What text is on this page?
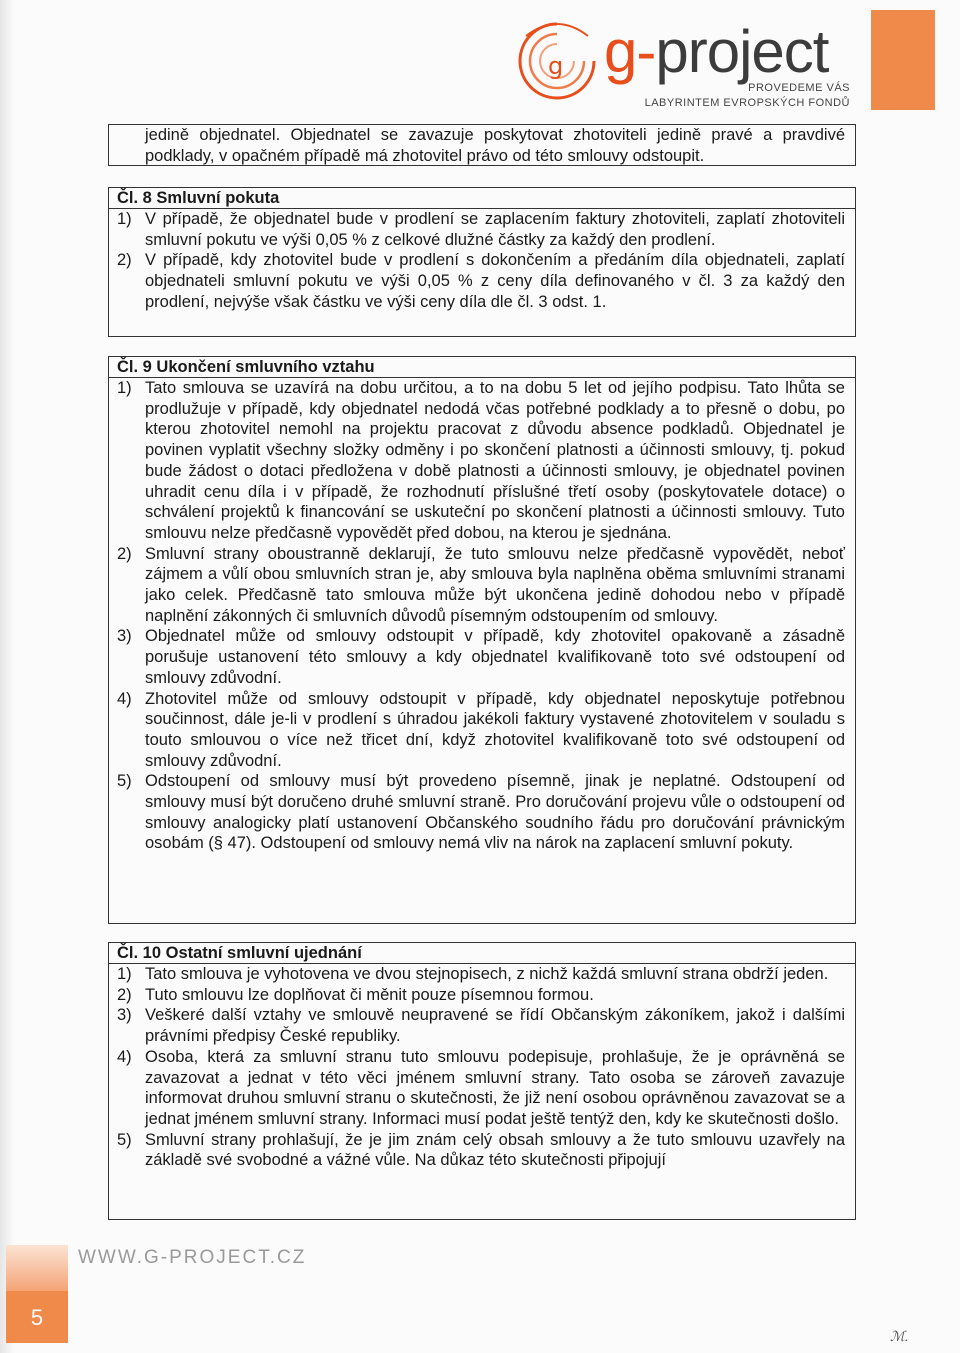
g g-project
PROVEDEME VÁS
LABYRINTEM EVROPSKÝCH FONDŮ
jedině objednatel. Objednatel se zavazuje poskytovat zhotoviteli jedině pravé a pravdivé podklady, v opačném případě má zhotovitel právo od této smlouvy odstoupit.
Čl. 8 Smluvní pokuta
1) V případě, že objednatel bude v prodlení se zaplacením faktury zhotoviteli, zaplatí zhotoviteli smluvní pokutu ve výši 0,05 % z celkové dlužné částky za každý den prodlení.
2) V případě, kdy zhotovitel bude v prodlení s dokončením a předáním díla objednateli, zaplatí objednateli smluvní pokutu ve výši 0,05 % z ceny díla definovaného v čl. 3 za každý den prodlení, nejvýše však částku ve výši ceny díla dle čl. 3 odst. 1.
Čl. 9 Ukončení smluvního vztahu
1) Tato smlouva se uzavírá na dobu určitou, a to na dobu 5 let od jejího podpisu. Tato lhůta se prodlužuje v případě, kdy objednatel nedodá včas potřebné podklady a to přesně o dobu, po kterou zhotovitel nemohl na projektu pracovat z důvodu absence podkladů. Objednatel je povinen vyplatit všechny složky odměny i po skončení platnosti a účinnosti smlouvy, tj. pokud bude žádost o dotaci předložena v době platnosti a účinnosti smlouvy, je objednatel povinen uhradit cenu díla i v případě, že rozhodnutí příslušné třetí osoby (poskytovatele dotace) o schválení projektů k financování se uskuteční po skončení platnosti a účinnosti smlouvy. Tuto smlouvu nelze předčasně vypovědět před dobou, na kterou je sjednána.
2) Smluvní strany oboustranně deklarují, že tuto smlouvu nelze předčasně vypovědět, neboť zájmem a vůlí obou smluvních stran je, aby smlouva byla naplněna oběma smluvními stranami jako celek. Předčasně tato smlouva může být ukončena jedině dohodou nebo v případě naplnění zákonných či smluvních důvodů písemným odstoupením od smlouvy.
3) Objednatel může od smlouvy odstoupit v případě, kdy zhotovitel opakovaně a zásadně porušuje ustanovení této smlouvy a kdy objednatel kvalifikovaně toto své odstoupení od smlouvy zdůvodní.
4) Zhotovitel může od smlouvy odstoupit v případě, kdy objednatel neposkytuje potřebnou součinnost, dále je-li v prodlení s úhradou jakékoli faktury vystavené zhotovitelem v souladu s touto smlouvou o více než třicet dní, když zhotovitel kvalifikovaně toto své odstoupení od smlouvy zdůvodní.
5) Odstoupení od smlouvy musí být provedeno písemně, jinak je neplatné. Odstoupení od smlouvy musí být doručeno druhé smluvní straně. Pro doručování projevu vůle o odstoupení od smlouvy analogicky platí ustanovení Občanského soudního řádu pro doručování právnickým osobám (§ 47). Odstoupení od smlouvy nemá vliv na nárok na zaplacení smluvní pokuty.
Čl. 10 Ostatní smluvní ujednání
1) Tato smlouva je vyhotovena ve dvou stejnopisech, z nichž každá smluvní strana obdrží jeden.
2) Tuto smlouvu lze doplňovat či měnit pouze písemnou formou.
3) Veškeré další vztahy ve smlouvě neupravené se řídí Občanským zákoníkem, jakož i dalšími právními předpisy České republiky.
4) Osoba, která za smluvní stranu tuto smlouvu podepisuje, prohlašuje, že je oprávněná se zavazovat a jednat v této věci jménem smluvní strany. Tato osoba se zároveň zavazuje informovat druhou smluvní stranu o skutečnosti, že již není osobou oprávněnou zavazovat se a jednat jménem smluvní strany. Informaci musí podat ještě tentýž den, kdy ke skutečnosti došlo.
5) Smluvní strany prohlašují, že je jim znám celý obsah smlouvy a že tuto smlouvu uzavřely na základě své svobodné a vážné vůle. Na důkaz této skutečnosti připojují
WWW.G-PROJECT.CZ
5
ℳ.
